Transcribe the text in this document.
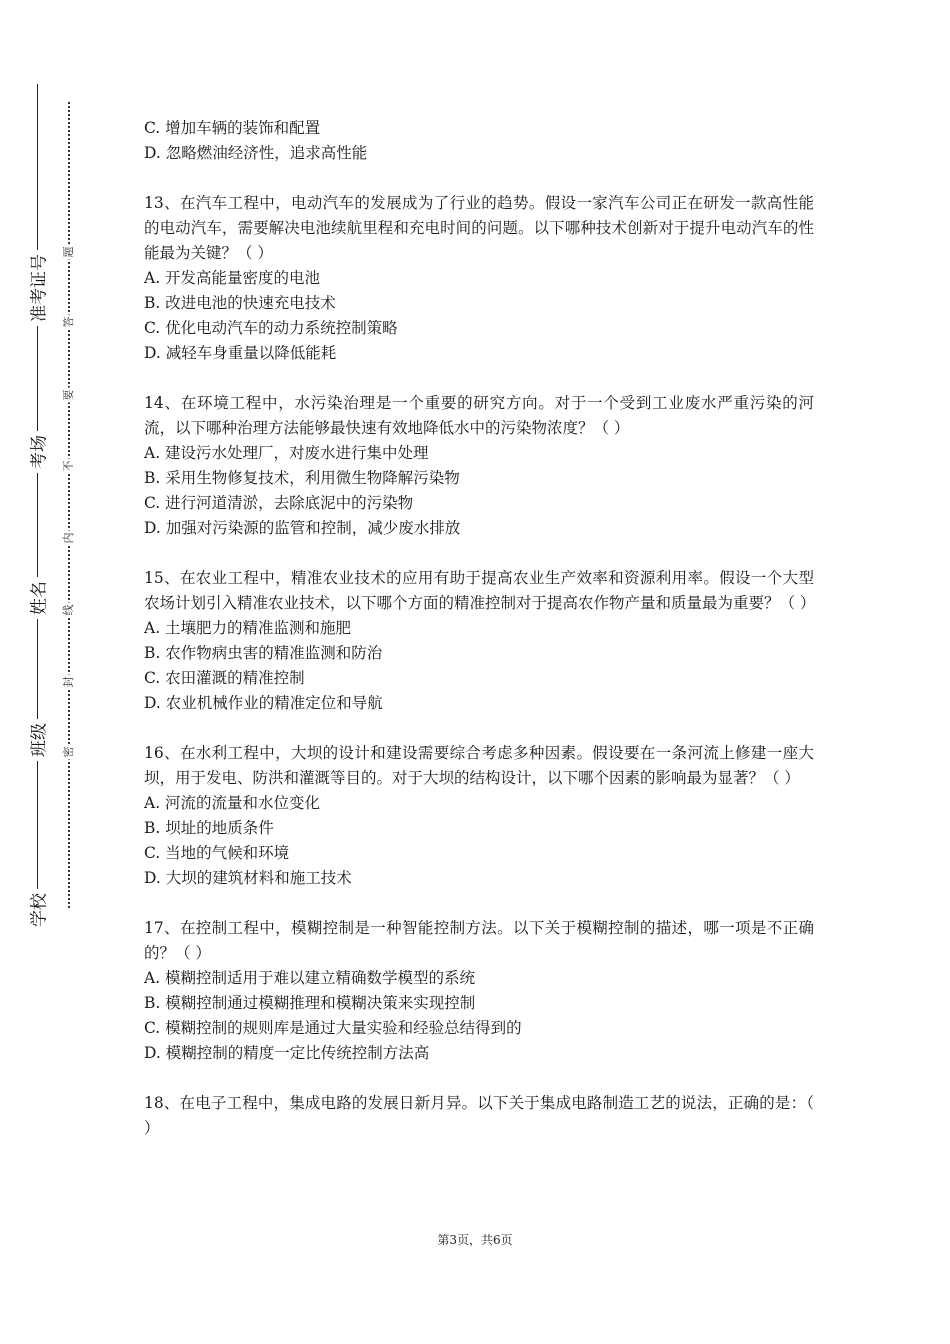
准考证号
考场
姓名
班级
学校
题
答
要
不
内
线
封
密
C. 增加车辆的装饰和配置
D. 忽略燃油经济性，追求高性能
13、在汽车工程中，电动汽车的发展成为了行业的趋势。假设一家汽车公司正在研发一款高性能的电动汽车，需要解决电池续航里程和充电时间的问题。以下哪种技术创新对于提升电动汽车的性能最为关键？（ ）
A. 开发高能量密度的电池
B. 改进电池的快速充电技术
C. 优化电动汽车的动力系统控制策略
D. 减轻车身重量以降低能耗
14、在环境工程中，水污染治理是一个重要的研究方向。对于一个受到工业废水严重污染的河流，以下哪种治理方法能够最快速有效地降低水中的污染物浓度？（ ）
A. 建设污水处理厂，对废水进行集中处理
B. 采用生物修复技术，利用微生物降解污染物
C. 进行河道清淤，去除底泥中的污染物
D. 加强对污染源的监管和控制，减少废水排放
15、在农业工程中，精准农业技术的应用有助于提高农业生产效率和资源利用率。假设一个大型农场计划引入精准农业技术，以下哪个方面的精准控制对于提高农作物产量和质量最为重要？（ ）
A. 土壤肥力的精准监测和施肥
B. 农作物病虫害的精准监测和防治
C. 农田灌溉的精准控制
D. 农业机械作业的精准定位和导航
16、在水利工程中，大坝的设计和建设需要综合考虑多种因素。假设要在一条河流上修建一座大坝，用于发电、防洪和灌溉等目的。对于大坝的结构设计，以下哪个因素的影响最为显著？（ ）
A. 河流的流量和水位变化
B. 坝址的地质条件
C. 当地的气候和环境
D. 大坝的建筑材料和施工技术
17、在控制工程中，模糊控制是一种智能控制方法。以下关于模糊控制的描述，哪一项是不正确的？（ ）
A. 模糊控制适用于难以建立精确数学模型的系统
B. 模糊控制通过模糊推理和模糊决策来实现控制
C. 模糊控制的规则库是通过大量实验和经验总结得到的
D. 模糊控制的精度一定比传统控制方法高
18、在电子工程中，集成电路的发展日新月异。以下关于集成电路制造工艺的说法，正确的是：（ ）
第3页，共6页
